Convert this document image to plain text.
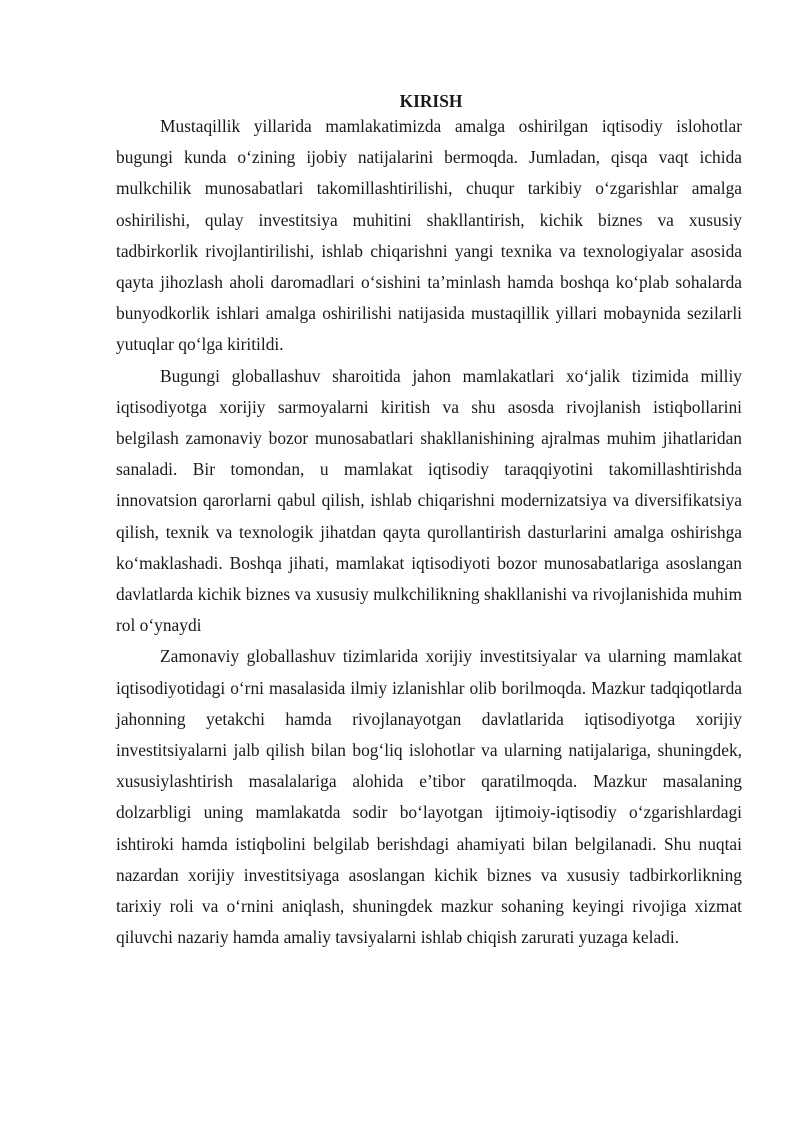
KIRISH

Mustaqillik yillarida mamlakatimizda amalga oshirilgan iqtisodiy islohotlar bugungi kunda o‘zining ijobiy natijalarini bermoqda. Jumladan, qisqa vaqt ichida mulkchilik munosabatlari takomillashtirilishi, chuqur tarkibiy o‘zgarishlar amalga oshirilishi, qulay investitsiya muhitini shakllantirish, kichik biznes va xususiy tadbirkorlik rivojlantirilishi, ishlab chiqarishni yangi texnika va texnologiyalar asosida qayta jihozlash aholi daromadlari o‘sishini ta’minlash hamda boshqa ko‘plab sohalarda bunyodkorlik ishlari amalga oshirilishi natijasida mustaqillik yillari mobaynida sezilarli yutuqlar qo‘lga kiritildi.

Bugungi globallashuv sharoitida jahon mamlakatlari xo‘jalik tizimida milliy iqtisodiyotga xorijiy sarmoyalarni kiritish va shu asosda rivojlanish istiqbollarini belgilash zamonaviy bozor munosabatlari shakllanishining ajralmas muhim jihatlaridan sanaladi. Bir tomondan, u mamlakat iqtisodiy taraqqiyotini takomillashtirishda innovatsion qarorlarni qabul qilish, ishlab chiqarishni modernizatsiya va diversifikatsiya qilish, texnik va texnologik jihatdan qayta qurollantirish dasturlarini amalga oshirishga ko‘maklashadi. Boshqa jihati, mamlakat iqtisodiyoti bozor munosabatlariga asoslangan davlatlarda kichik biznes va xususiy mulkchilikning shakllanishi va rivojlanishida muhim rol o‘ynaydi

Zamonaviy globallashuv tizimlarida xorijiy investitsiyalar va ularning mamlakat iqtisodiyotidagi o‘rni masalasida ilmiy izlanishlar olib borilmoqda. Mazkur tadqiqotlarda jahonning yetakchi hamda rivojlanayotgan davlatlarida iqtisodiyotga xorijiy investitsiyalarni jalb qilish bilan bog‘liq islohotlar va ularning natijalariga, shuningdek, xususiylashtirish masalalariga alohida e’tibor qaratilmoqda. Mazkur masalaning dolzarbligi uning mamlakatda sodir bo‘layotgan ijtimoiy-iqtisodiy o‘zgarishlardagi ishtiroki hamda istiqbolini belgilab berishdagi ahamiyati bilan belgilanadi. Shu nuqtai nazardan xorijiy investitsiyaga asoslangan kichik biznes va xususiy tadbirkorlikning tarixiy roli va o‘rnini aniqlash, shuningdek mazkur sohaning keyingi rivojiga xizmat qiluvchi nazariy hamda amaliy tavsiyalarni ishlab chiqish zarurati yuzaga keladi.
